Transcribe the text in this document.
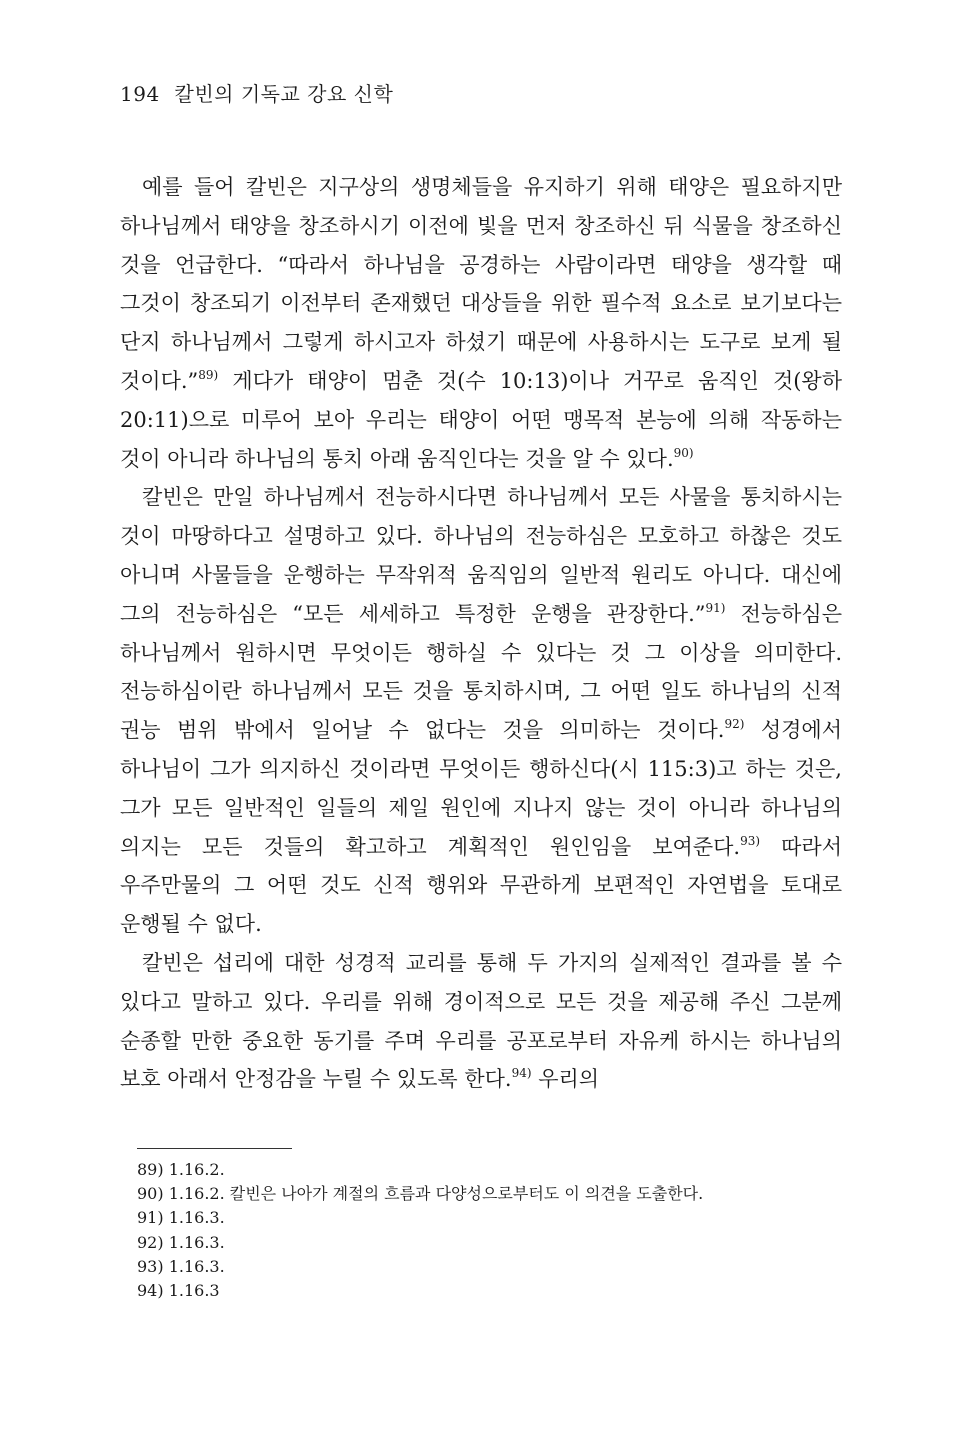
194 칼빈의 기독교 강요 신학

예를 들어 칼빈은 지구상의 생명체들을 유지하기 위해 태양은 필요하지만 하나님께서 태양을 창조하시기 이전에 빛을 먼저 창조하신 뒤 식물을 창조하신 것을 언급한다. “따라서 하나님을 공경하는 사람이라면 태양을 생각할 때 그것이 창조되기 이전부터 존재했던 대상들을 위한 필수적 요소로 보기보다는 단지 하나님께서 그렇게 하시고자 하셨기 때문에 사용하시는 도구로 보게 될 것이다.”$^{89)}$ 게다가 태양이 멈춘 것(수 10:13)이나 거꾸로 움직인 것(왕하 20:11)으로 미루어 보아 우리는 태양이 어떤 맹목적 본능에 의해 작동하는 것이 아니라 하나님의 통치 아래 움직인다는 것을 알 수 있다.$^{90)}$

칼빈은 만일 하나님께서 전능하시다면 하나님께서 모든 사물을 통치하시는 것이 마땅하다고 설명하고 있다. 하나님의 전능하심은 모호하고 하찮은 것도 아니며 사물들을 운행하는 무작위적 움직임의 일반적 원리도 아니다. 대신에 그의 전능하심은 “모든 세세하고 특정한 운행을 관장한다.”$^{91)}$ 전능하심은 하나님께서 원하시면 무엇이든 행하실 수 있다는 것 그 이상을 의미한다. 전능하심이란 하나님께서 모든 것을 통치하시며, 그 어떤 일도 하나님의 신적 권능 범위 밖에서 일어날 수 없다는 것을 의미하는 것이다.$^{92)}$ 성경에서 하나님이 그가 의지하신 것이라면 무엇이든 행하신다(시 115:3)고 하는 것은, 그가 모든 일반적인 일들의 제일 원인에 지나지 않는 것이 아니라 하나님의 의지는 모든 것들의 확고하고 계획적인 원인임을 보여준다.$^{93)}$ 따라서 우주만물의 그 어떤 것도 신적 행위와 무관하게 보편적인 자연법을 토대로 운행될 수 없다.

칼빈은 섭리에 대한 성경적 교리를 통해 두 가지의 실제적인 결과를 볼 수 있다고 말하고 있다. 우리를 위해 경이적으로 모든 것을 제공해 주신 그분께 순종할 만한 중요한 동기를 주며 우리를 공포로부터 자유케 하시는 하나님의 보호 아래서 안정감을 누릴 수 있도록 한다.$^{94)}$ 우리의

89) 1.16.2.
90) 1.16.2. 칼빈은 나아가 계절의 흐름과 다양성으로부터도 이 의견을 도출한다.
91) 1.16.3.
92) 1.16.3.
93) 1.16.3.
94) 1.16.3
